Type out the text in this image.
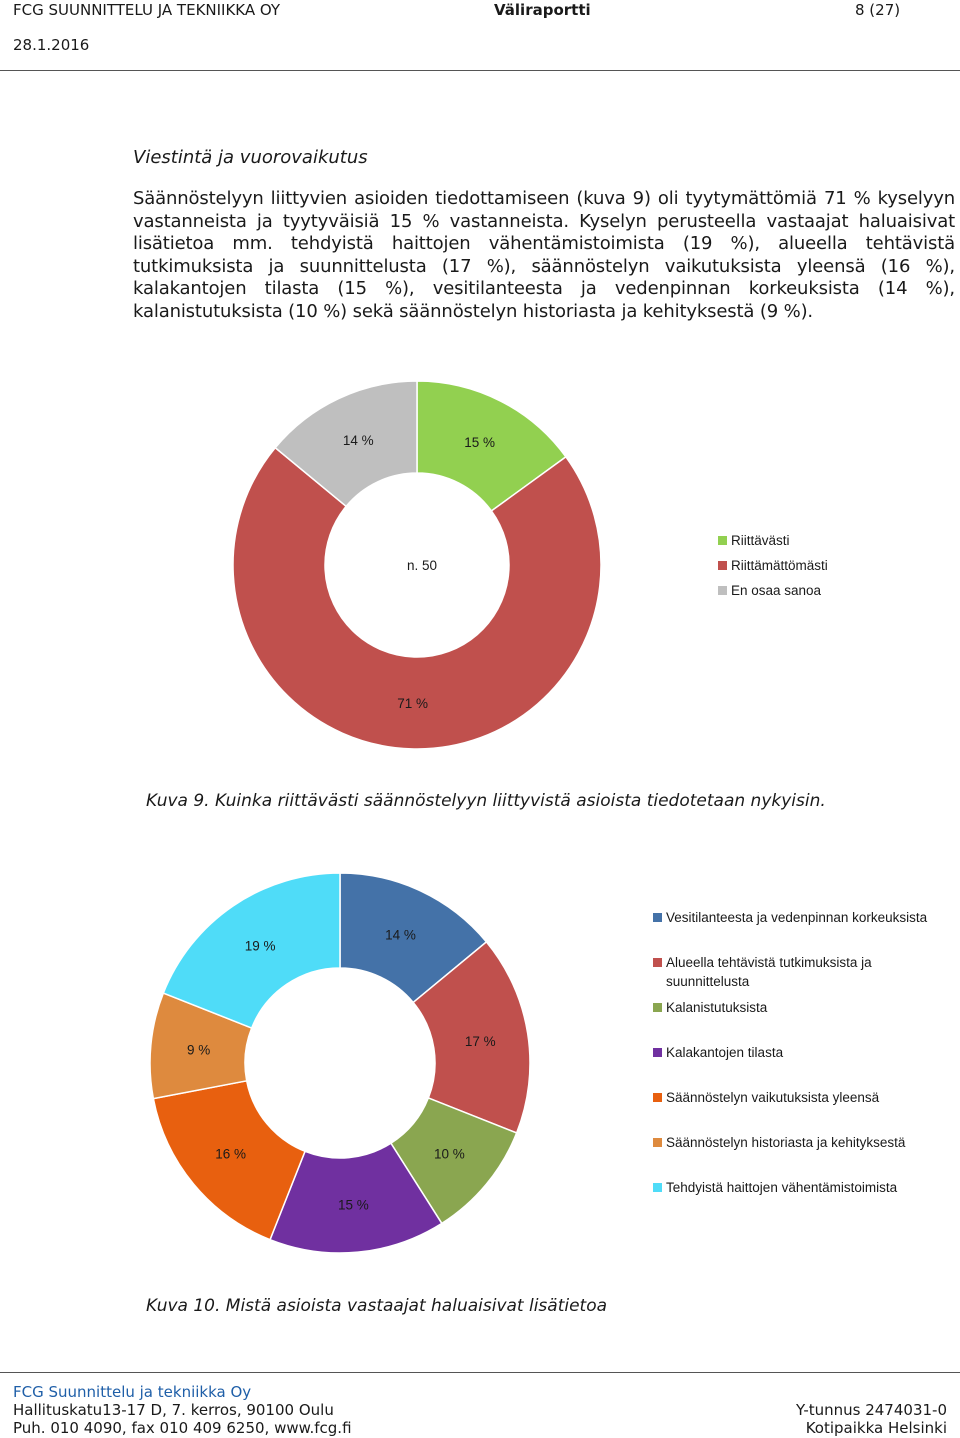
FCG SUUNNITTELU JA TEKNIIKKA OY	Väliraportti	8 (27)
28.1.2016
Viestintä ja vuorovaikutus
Säännöstelyyn liittyvien asioiden tiedottamiseen (kuva 9) oli tyytymättömiä 71 % kyselyyn vastanneista ja tyytyväisiä 15 % vastanneista. Kyselyn perusteella vastaajat haluaisivat lisätietoa mm. tehdyistä haittojen vähentämistoimista (19 %), alueella tehtävistä tutkimuksista ja suunnittelusta (17 %), säännöstelyn vaikutuksista yleensä (16 %), kalakantojen tilasta (15 %), vesitilanteesta ja vedenpinnan korkeuksista (14 %), kalanistutuksista (10 %) sekä säännöstelyn historiasta ja kehityksestä (9 %).
15 %
71 %
14 %
n. 50
Riittävästi
Riittämättömästi
En osaa sanoa
Kuva 9. Kuinka riittävästi säännöstelyyn liittyvistä asioista tiedotetaan nykyisin.
14 %
17 %
10 %
15 %
16 %
9 %
19 %
Vesitilanteesta ja vedenpinnan korkeuksista
Alueella tehtävistä tutkimuksista ja
suunnittelusta
Kalanistutuksista
Kalakantojen tilasta
Säännöstelyn vaikutuksista yleensä
Säännöstelyn historiasta ja kehityksestä
Tehdyistä haittojen vähentämistoimista
Kuva 10. Mistä asioista vastaajat haluaisivat lisätietoa
FCG Suunnittelu ja tekniikka Oy
Hallituskatu13-17 D, 7. kerros, 90100 Oulu
Puh. 010 4090, fax 010 409 6250, www.fcg.fi
Y-tunnus 2474031-0
Kotipaikka Helsinki
